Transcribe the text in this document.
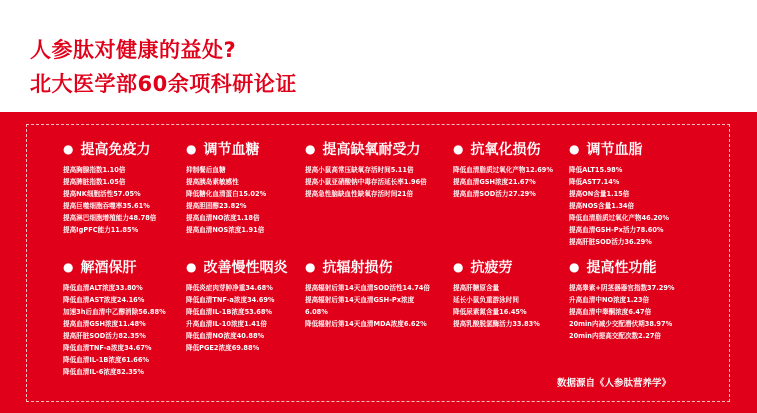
人参肽对健康的益处?
北大医学部60余项科研论证
● 提高免疫力
提高胸腺指数1.10倍
提高脾脏指数1.05倍
提高NK细胞活性57.05%
提高巨噬细胞吞噬率35.61%
提高淋巴细胞增殖能力48.78倍
提高IgPFC能力11.85%
● 调节血糖
抑制餐后血糖
提高胰岛素敏感性
降低糖化血清蛋白15.02%
提高胆固醇23.82%
提高血清NO浓度1.18倍
提高血清NOS浓度1.91倍
● 提高缺氧耐受力
提高小鼠高常压缺氧存活时间5.11倍
提高小鼠亚硝酸钠中毒存活延长率1.96倍
提高急性脑缺血性缺氧存活时间21倍
● 抗氧化损伤
降低血清脂质过氧化产物12.69%
提高血清GSH浓度21.67%
提高血清SOD活力27.29%
● 调节血脂
降低ALT15.98%
降低AST7.14%
提高ON含量1.15倍
提高NOS含量1.34倍
降低血清脂质过氧化产物46.20%
提高血清GSH-Px活力78.60%
提高肝脏SOD活力36.29%
● 解酒保肝
降低血清ALT浓度33.80%
降低血清AST浓度24.16%
加速3h后血清中乙醇消除56.88%
提高血清GSH浓度11.48%
提高肝脏SOD活力82.35%
降低血清TNF-a浓度34.67%
降低血清IL-1B浓度61.66%
降低血清IL-6浓度82.35%
● 改善慢性咽炎
降低炎症肉芽肿净重34.68%
降低血清TNF-a浓度34.69%
降低血清IL-1B浓度53.68%
升高血清IL-10浓度1.41倍
降低血清NO浓度40.88%
降低PGE2浓度69.88%
● 抗辐射损伤
提高辐射后第14天血清SOD活性14.74倍
提高辐射后第14天血清GSH-Px浓度
6.08%
降低辐射后第14天血清MDA浓度6.62%
● 抗疲劳
提高肝糖原含量
延长小鼠负重游泳时间
降低尿素氮含量16.45%
提高乳酸脱氢酶活力33.83%
● 提高性功能
提高睾素+阴茎器器官指数37.29%
升高血清中NO浓度1.23倍
提高血清中睾酮浓度6.47倍
20min内减少交配潜伏期38.97%
20min内提高交配次数2.27倍
数据源自《人参肽营养学》
